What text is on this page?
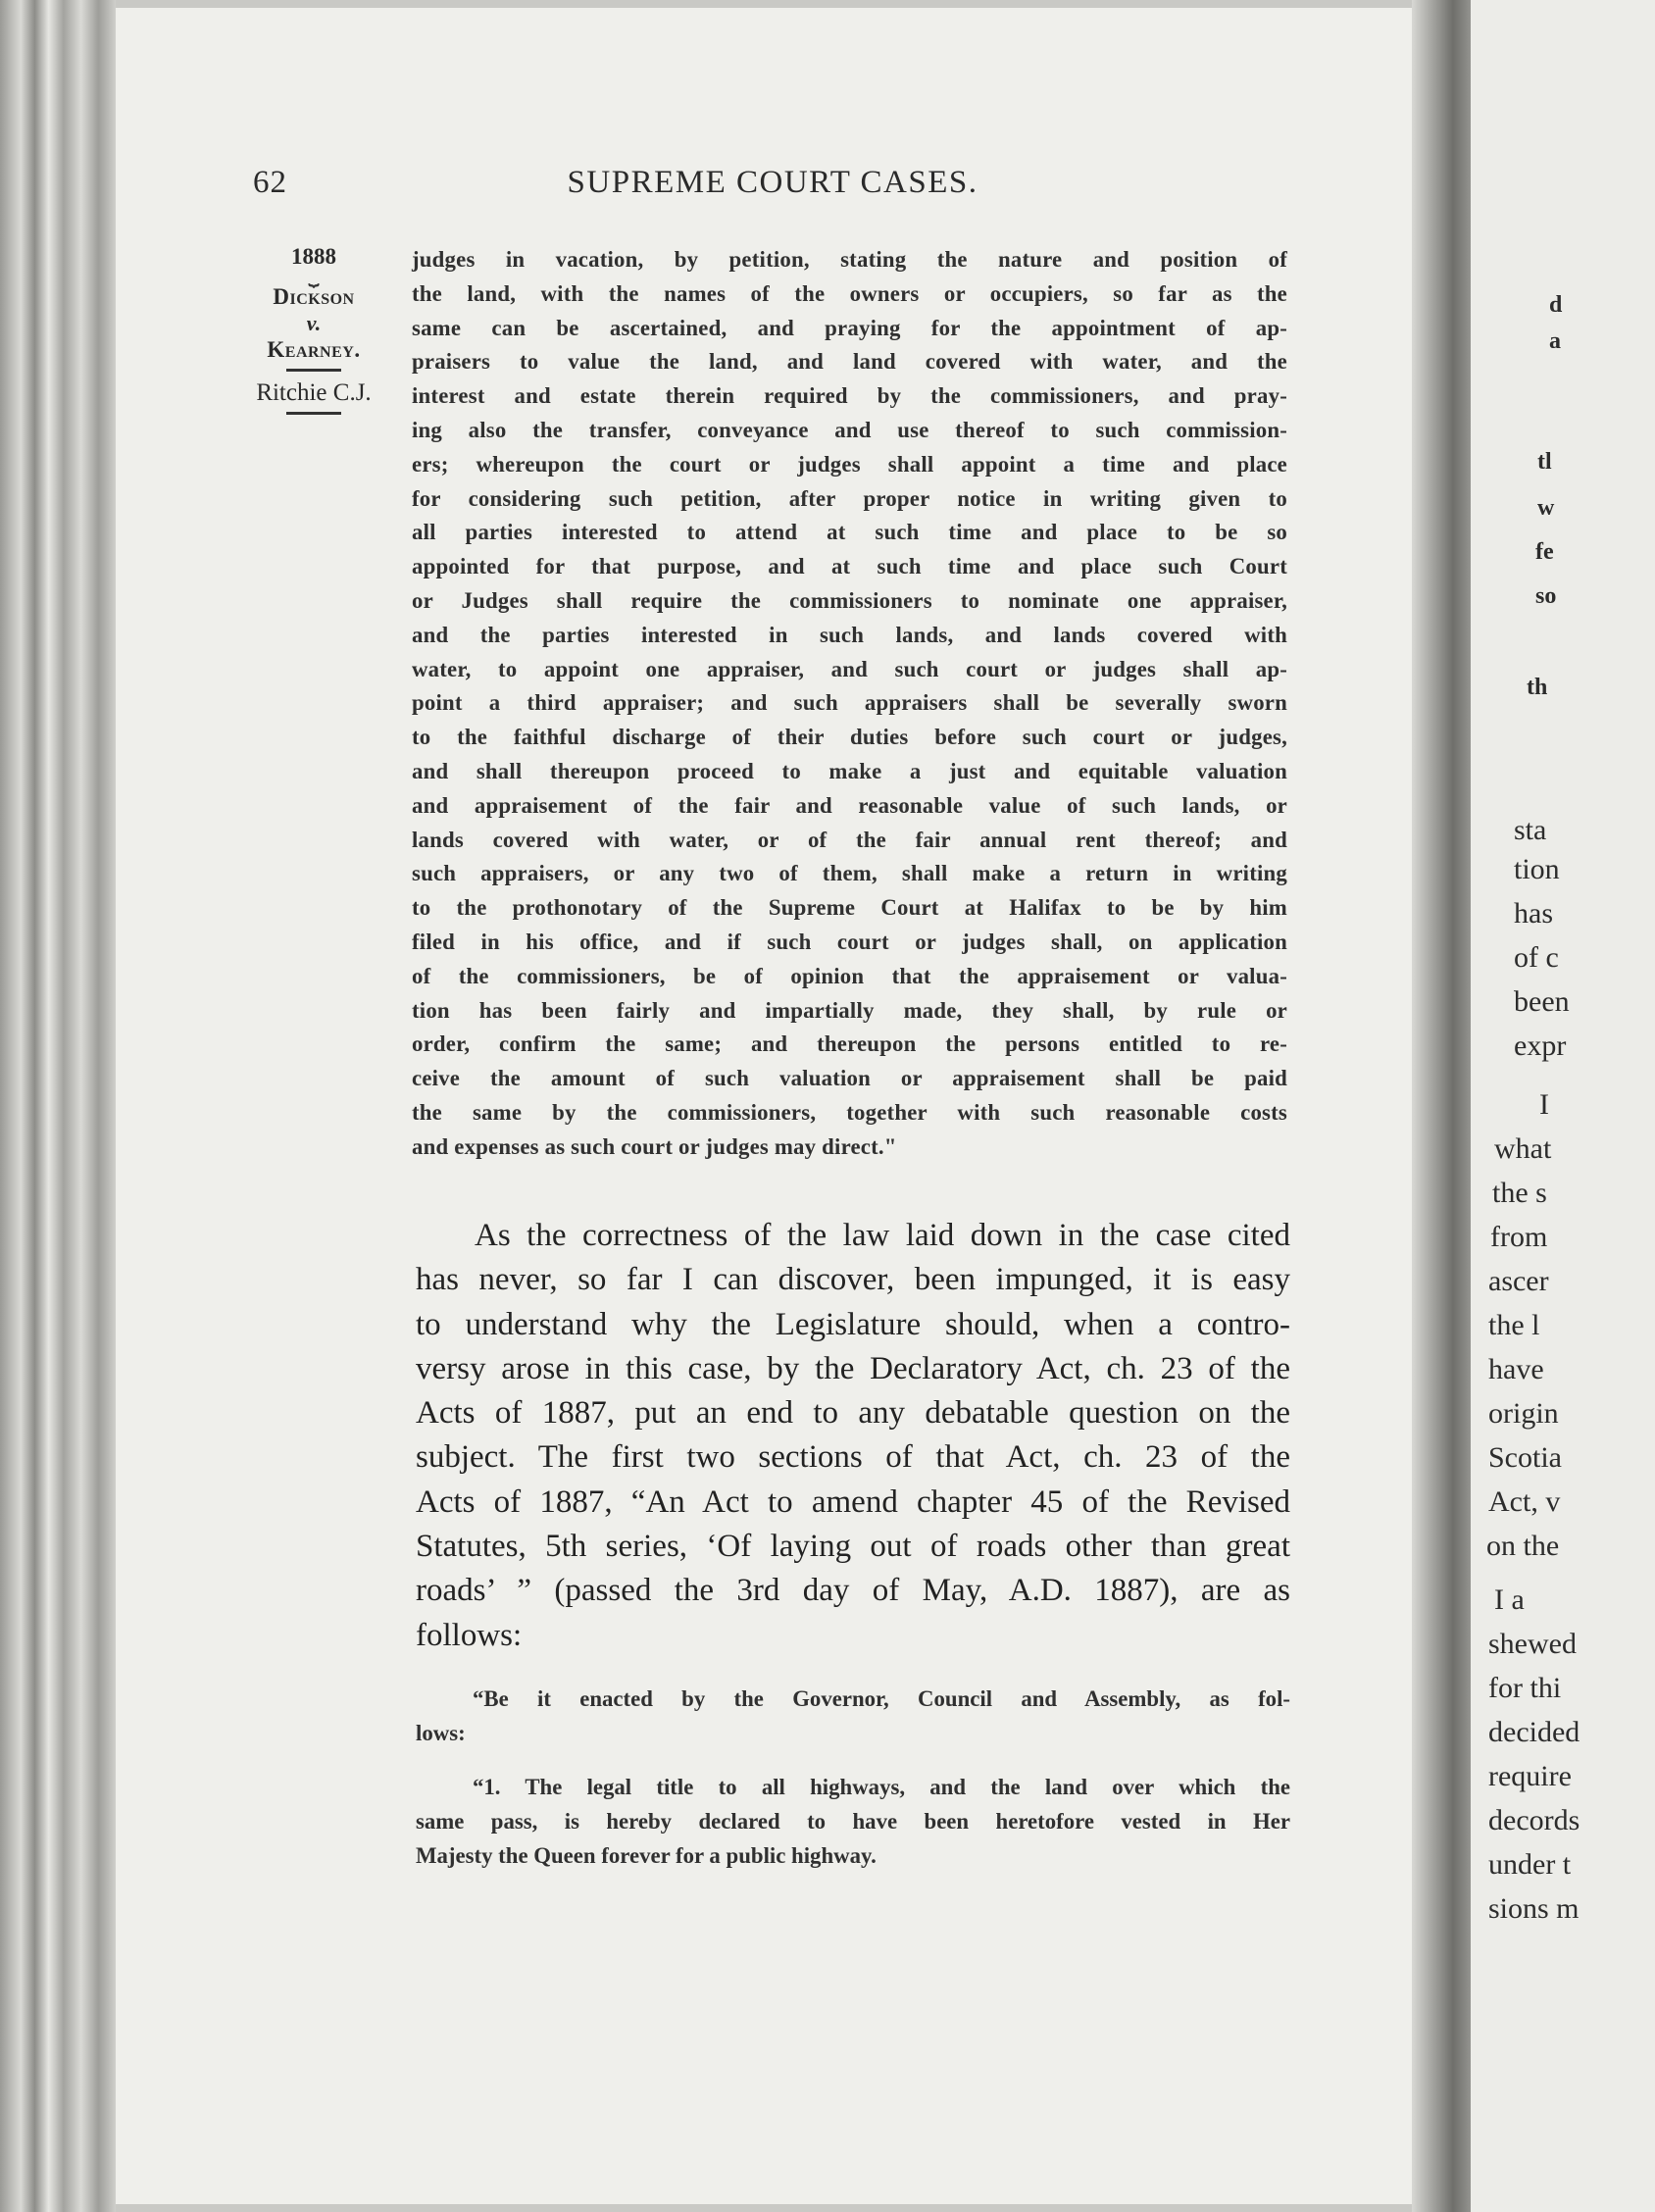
62	SUPREME COURT CASES.
1888
⏟
Dickson
v.
Kearney.
Ritchie C.J.
judges in vacation, by petition, stating the nature and position of
the land, with the names of the owners or occupiers, so far as the
same can be ascertained, and praying for the appointment of ap-
praisers to value the land, and land covered with water, and the
interest and estate therein required by the commissioners, and pray-
ing also the transfer, conveyance and use thereof to such commission-
ers; whereupon the court or judges shall appoint a time and place
for considering such petition, after proper notice in writing given to
all parties interested to attend at such time and place to be so
appointed for that purpose, and at such time and place such Court
or Judges shall require the commissioners to nominate one appraiser,
and the parties interested in such lands, and lands covered with
water, to appoint one appraiser, and such court or judges shall ap-
point a third appraiser; and such appraisers shall be severally sworn
to the faithful discharge of their duties before such court or judges,
and shall thereupon proceed to make a just and equitable valuation
and appraisement of the fair and reasonable value of such lands, or
lands covered with water, or of the fair annual rent thereof; and
such appraisers, or any two of them, shall make a return in writing
to the prothonotary of the Supreme Court at Halifax to be by him
filed in his office, and if such court or judges shall, on application
of the commissioners, be of opinion that the appraisement or valua-
tion has been fairly and impartially made, they shall, by rule or
order, confirm the same; and thereupon the persons entitled to re-
ceive the amount of such valuation or appraisement shall be paid
the same by the commissioners, together with such reasonable costs
and expenses as such court or judges may direct."
As the correctness of the law laid down in the case cited
has never, so far I can discover, been impunged, it is easy
to understand why the Legislature should, when a contro-
versy arose in this case, by the Declaratory Act, ch. 23 of the
Acts of 1887, put an end to any debatable question on the
subject. The first two sections of that Act, ch. 23 of the
Acts of 1887, “An Act to amend chapter 45 of the Revised
Statutes, 5th series, ‘Of laying out of roads other than great
roads’ ” (passed the 3rd day of May, A.D. 1887), are as
follows:
“Be it enacted by the Governor, Council and Assembly, as fol-
lows:
“1. The legal title to all highways, and the land over which the
same pass, is hereby declared to have been heretofore vested in Her
Majesty the Queen forever for a public highway.
d
a
tl
w
fe
so
th
sta
tion
has
of c
been
expr
I
what
the s
from
ascer
the l
have
origin
Scotia
Act, v
on the
I a
shewed
for thi
decided
require
decords
under t
sions m
